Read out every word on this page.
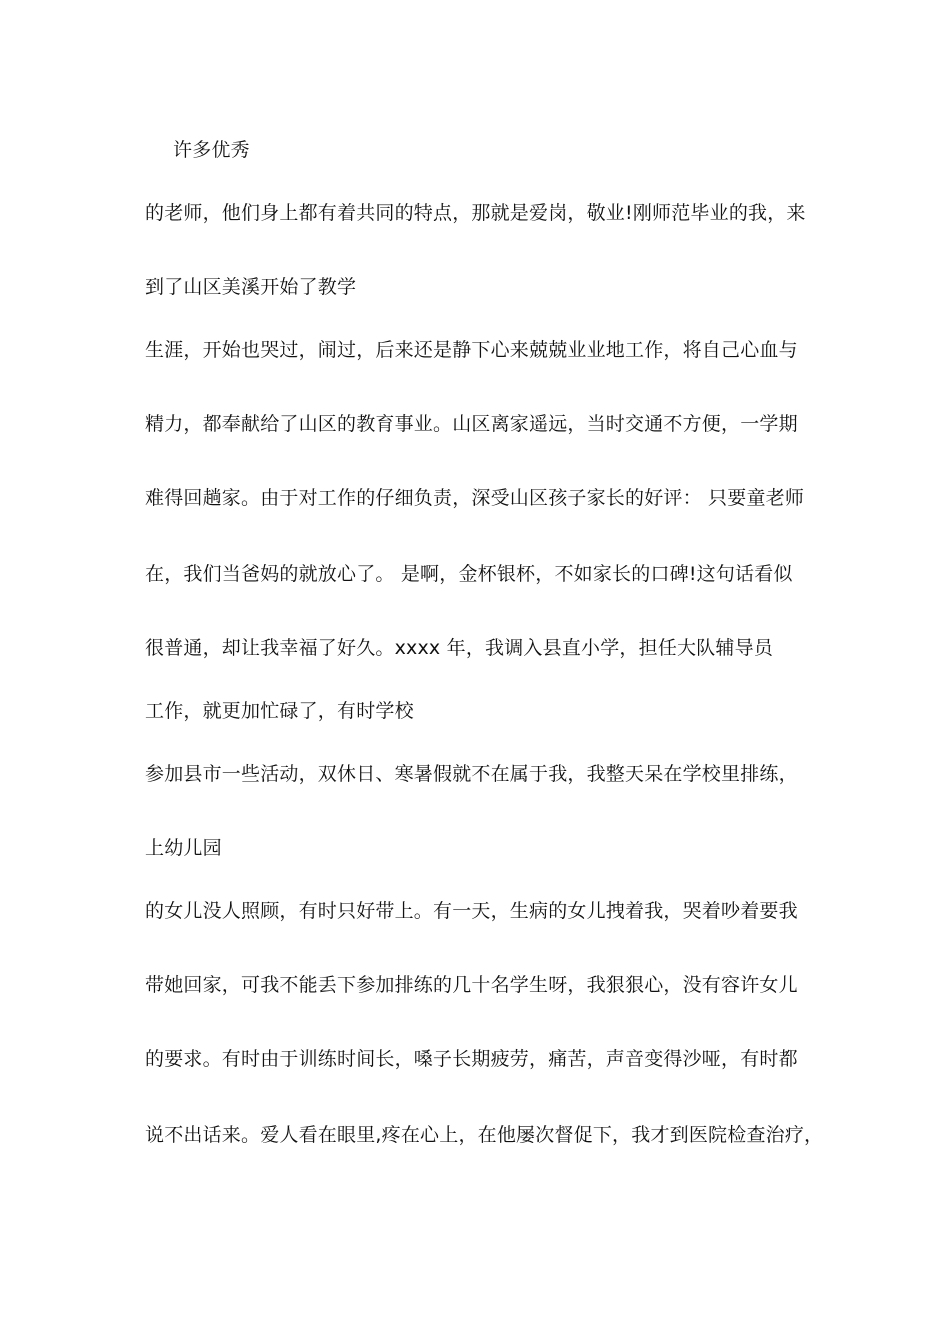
许多优秀

的老师，他们身上都有着共同的特点，那就是爱岗，敬业!刚师范毕业的我，来

到了山区美溪开始了教学

生涯，开始也哭过，闹过，后来还是静下心来兢兢业业地工作，将自己心血与

精力，都奉献给了山区的教育事业。山区离家遥远，当时交通不方便，一学期

难得回趟家。由于对工作的仔细负责，深受山区孩子家长的好评： 只要童老师

在，我们当爸妈的就放心了。 是啊，金杯银杯，不如家长的口碑!这句话看似

很普通，却让我幸福了好久。xxxx 年，我调入县直小学，担任大队辅导员

工作，就更加忙碌了，有时学校

参加县市一些活动，双休日、寒暑假就不在属于我，我整天呆在学校里排练，

上幼儿园

的女儿没人照顾，有时只好带上。有一天，生病的女儿拽着我，哭着吵着要我

带她回家，可我不能丢下参加排练的几十名学生呀，我狠狠心，没有容许女儿

的要求。有时由于训练时间长，嗓子长期疲劳，痛苦，声音变得沙哑，有时都

说不出话来。爱人看在眼里,疼在心上，在他屡次督促下，我才到医院检查治疗，
